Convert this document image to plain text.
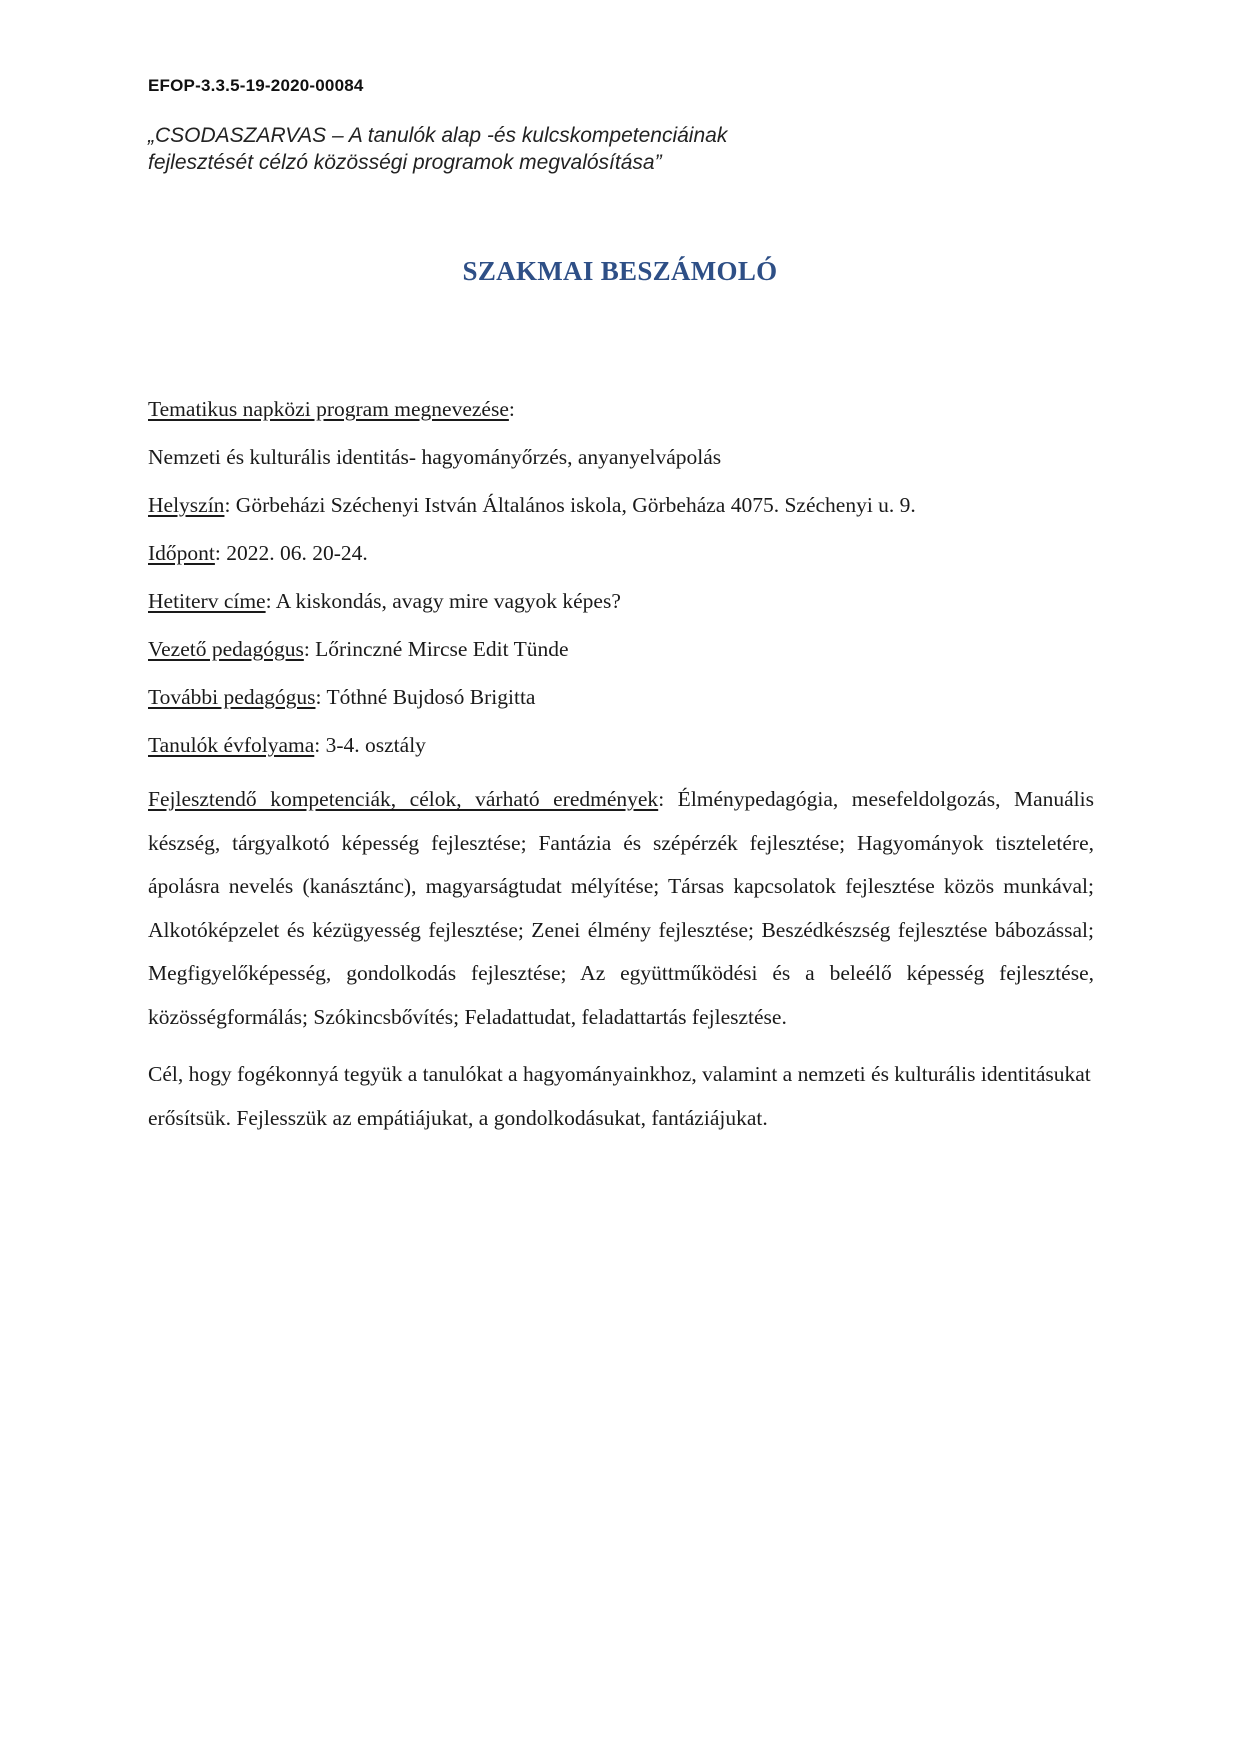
EFOP-3.3.5-19-2020-00084
„CSODASZARVAS – A tanulók alap -és kulcskompetenciáinak
fejlesztését célzó közösségi programok megvalósítása”
SZAKMAI BESZÁMOLÓ
Tematikus napközi program megnevezése:
Nemzeti és kulturális identitás- hagyományőrzés, anyanyelvápolás
Helyszín: Görbeházi Széchenyi István Általános iskola, Görbeháza 4075. Széchenyi u. 9.
Időpont: 2022. 06. 20-24.
Hetiterv címe: A kiskondás, avagy mire vagyok képes?
Vezető pedagógus: Lőrinczné Mircse Edit Tünde
További pedagógus: Tóthné Bujdosó Brigitta
Tanulók évfolyama: 3-4. osztály

Fejlesztendő kompetenciák, célok, várható eredmények: Élménypedagógia, mesefeldolgozás, Manuális készség, tárgyalkotó képesség fejlesztése; Fantázia és szépérzék fejlesztése; Hagyományok tiszteletére, ápolásra nevelés (kanásztánc), magyarságtudat mélyítése; Társas kapcsolatok fejlesztése közös munkával; Alkotóképzelet és kézügyesség fejlesztése; Zenei élmény fejlesztése; Beszédkészség fejlesztése bábozással; Megfigyelőképesség, gondolkodás fejlesztése; Az együttműködési és a beleélő képesség fejlesztése, közösségformálás; Szókincsbővítés; Feladattudat, feladattartás fejlesztése.

Cél, hogy fogékonnyá tegyük a tanulókat a hagyományainkhoz, valamint a nemzeti és kulturális identitásukat erősítsük. Fejlesszük az empátiájukat, a gondolkodásukat, fantáziájukat.
